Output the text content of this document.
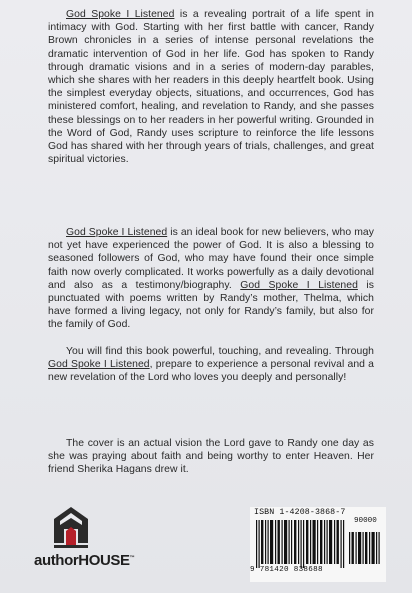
God Spoke I Listened is a revealing portrait of a life spent in intimacy with God. Starting with her first battle with cancer, Randy Brown chronicles in a series of intense personal revelations the dramatic intervention of God in her life. God has spoken to Randy through dramatic visions and in a series of modern-day parables, which she shares with her readers in this deeply heartfelt book. Using the simplest everyday objects, situations, and occurrences, God has ministered comfort, healing, and revelation to Randy, and she passes these blessings on to her readers in her powerful writing. Grounded in the Word of God, Randy uses scripture to reinforce the life lessons God has shared with her through years of trials, challenges, and great spiritual victories.

God Spoke I Listened is an ideal book for new believers, who may not yet have experienced the power of God. It is also a blessing to seasoned followers of God, who may have found their once simple faith now overly complicated. It works powerfully as a daily devotional and also as a testimony/biography. God Spoke I Listened is punctuated with poems written by Randy’s mother, Thelma, which have formed a living legacy, not only for Randy’s family, but also for the family of God.

You will find this book powerful, touching, and revealing. Through God Spoke I Listened, prepare to experience a personal revival and a new revelation of the Lord who loves you deeply and personally!

The cover is an actual vision the Lord gave to Randy one day as she was praying about faith and being worthy to enter Heaven. Her friend Sherika Hagans drew it.

authorHOUSE™
ISBN 1-4208-3868-7
90000
9 781420 838688
